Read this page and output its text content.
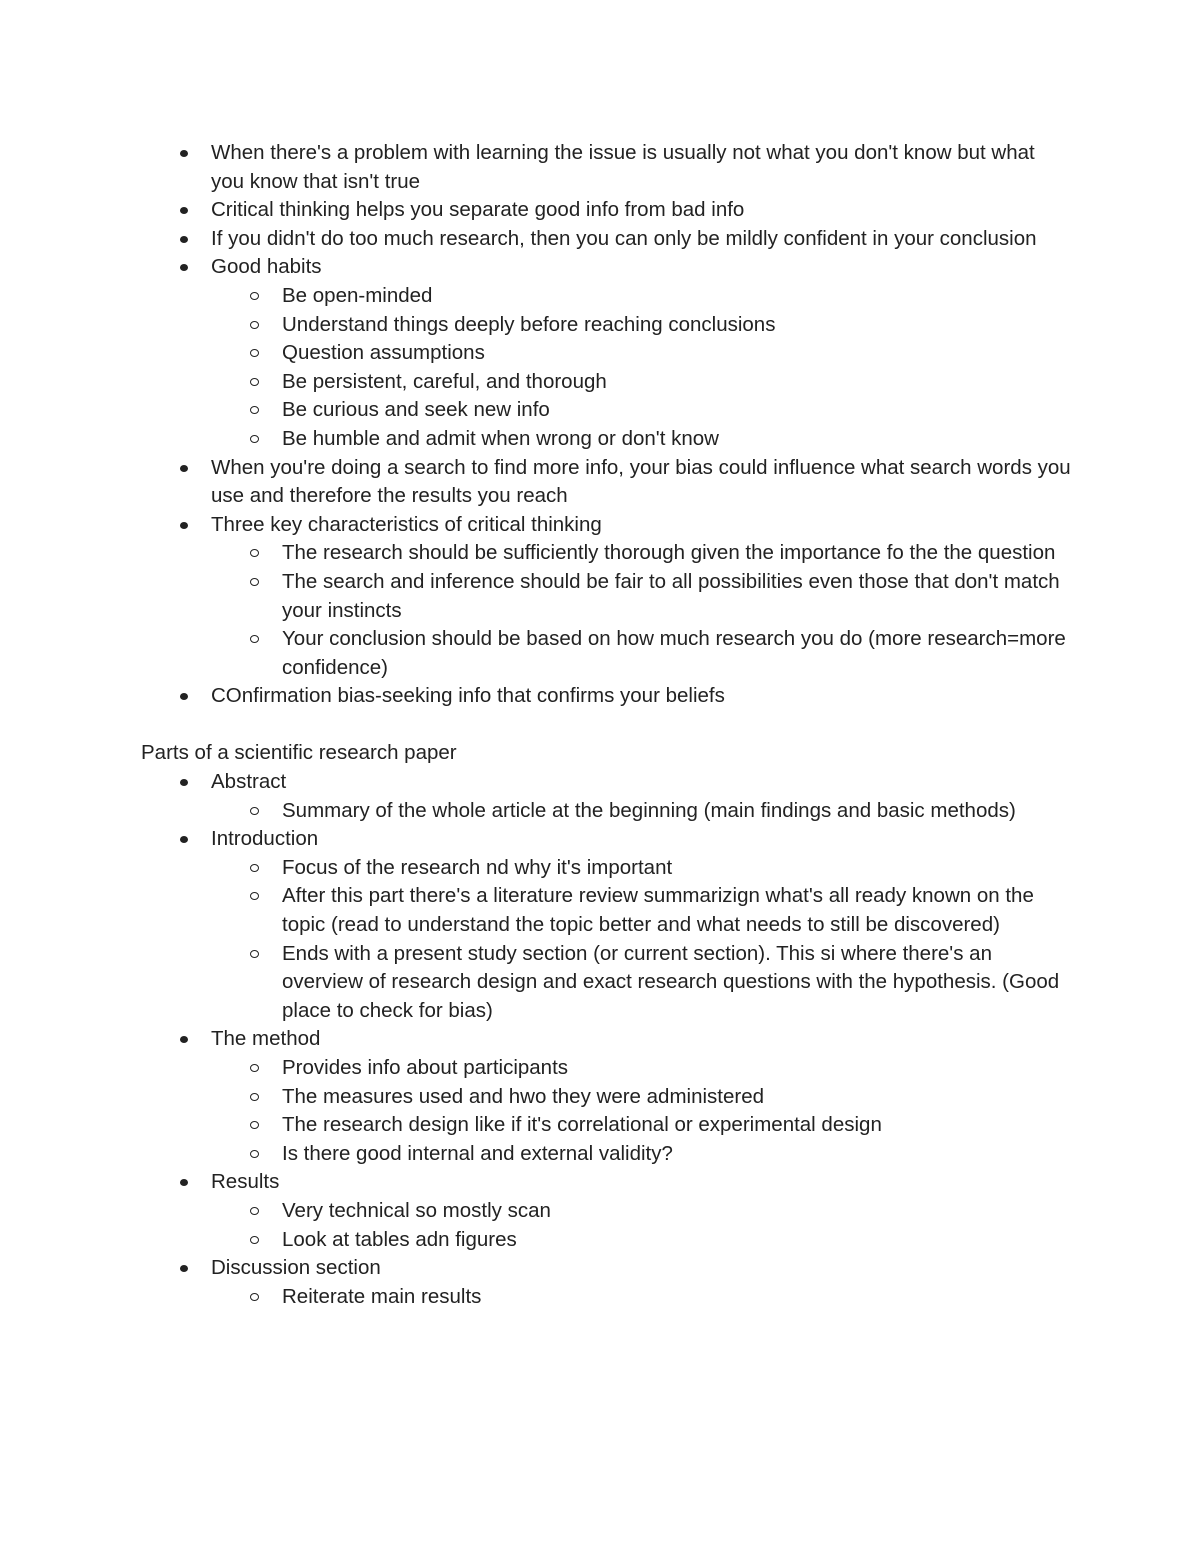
When there's a problem with learning the issue is usually not what you don't know but what you know that isn't true
Critical thinking helps you separate good info from bad info
If you didn't do too much research, then you can only be mildly confident in your conclusion
Good habits
Be open-minded
Understand things deeply before reaching conclusions
Question assumptions
Be persistent, careful, and thorough
Be curious and seek new info
Be humble and admit when wrong or don't know
When you're doing a search to find more info, your bias could influence what search words you use and therefore the results you reach
Three key characteristics of critical thinking
The research should be sufficiently thorough given the importance fo the the question
The search and inference should be fair to all possibilities even those that don't match your instincts
Your conclusion should be based on how much research you do (more research=more confidence)
COnfirmation bias-seeking info that confirms your beliefs
Parts of a scientific research paper
Abstract
Summary of the whole article at the beginning (main findings and basic methods)
Introduction
Focus of the research nd why it's important
After this part there's a literature review summarizign what's all ready known on the topic (read to understand the topic better and what needs to still be discovered)
Ends with a present study section (or current section). This si where there's an overview of research design and exact research questions with the hypothesis. (Good place to check for bias)
The method
Provides info about participants
The measures used and hwo they were administered
The research design like if it's correlational or experimental design
Is there good internal and external validity?
Results
Very technical so mostly scan
Look at tables adn figures
Discussion section
Reiterate main results
